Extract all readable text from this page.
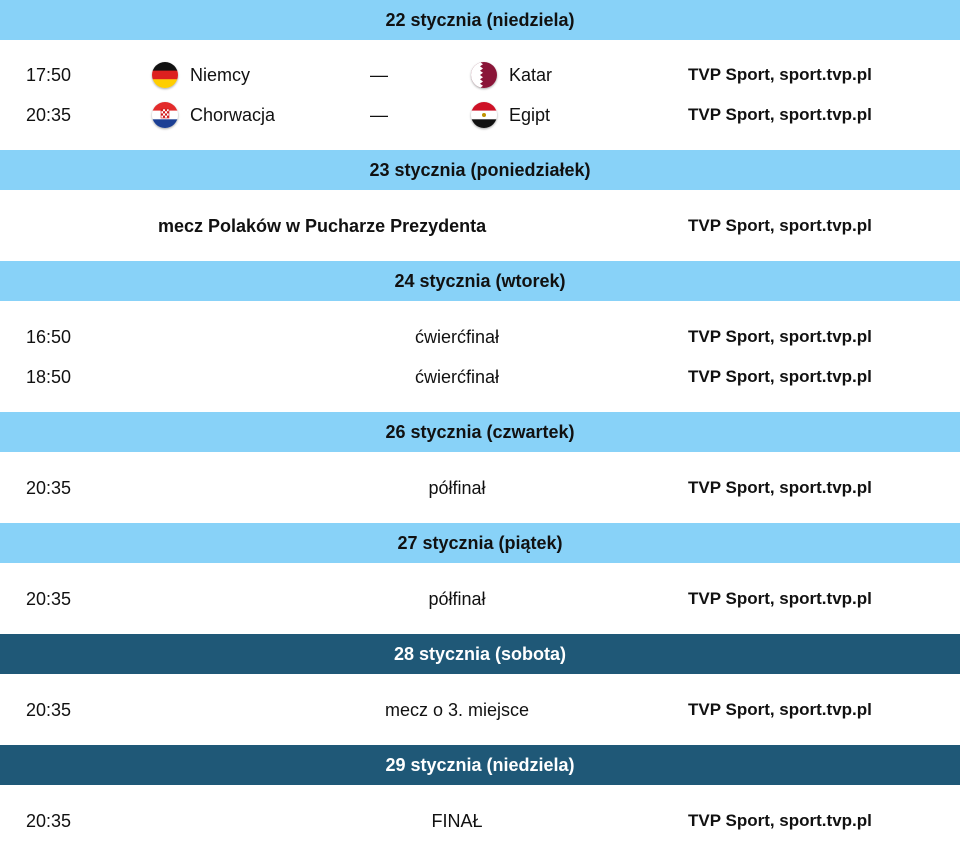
22 stycznia (niedziela)
17:50	Niemcy	—	Katar	TVP Sport, sport.tvp.pl
20:35	Chorwacja	—	Egipt	TVP Sport, sport.tvp.pl
23 stycznia (poniedziałek)
mecz Polaków w Pucharze Prezydenta	TVP Sport, sport.tvp.pl
24 stycznia (wtorek)
16:50	ćwierćfinał	TVP Sport, sport.tvp.pl
18:50	ćwierćfinał	TVP Sport, sport.tvp.pl
26 stycznia (czwartek)
20:35	półfinał	TVP Sport, sport.tvp.pl
27 stycznia (piątek)
20:35	półfinał	TVP Sport, sport.tvp.pl
28 stycznia (sobota)
20:35	mecz o 3. miejsce	TVP Sport, sport.tvp.pl
29 stycznia (niedziela)
20:35	FINAŁ	TVP Sport, sport.tvp.pl
